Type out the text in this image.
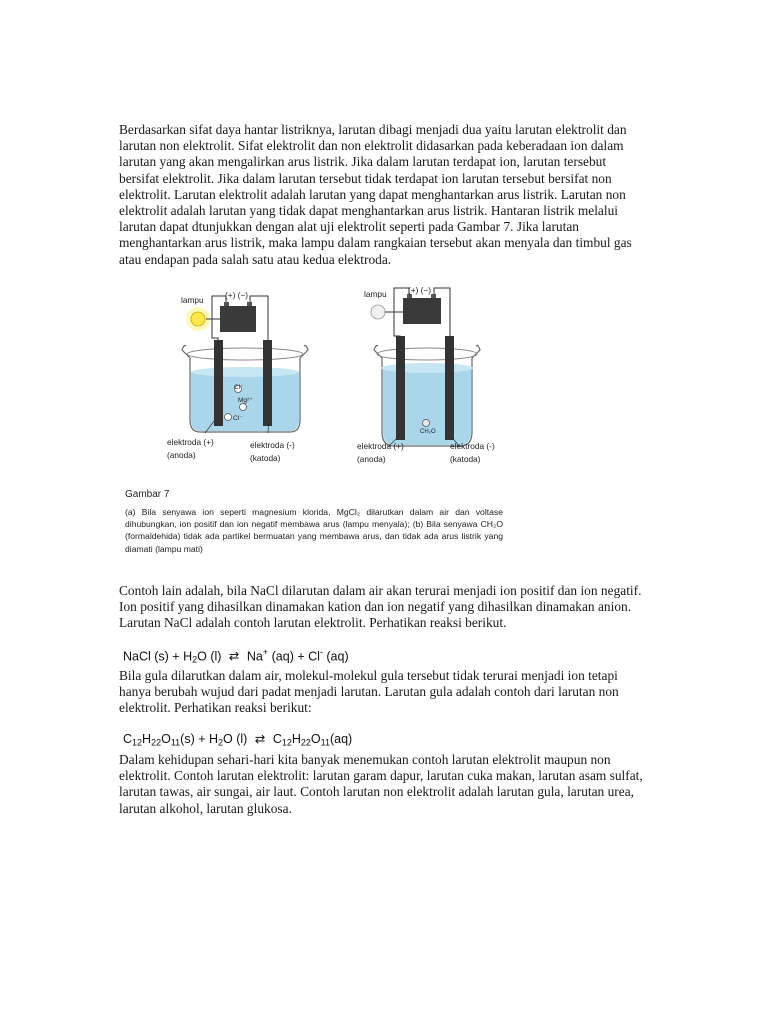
Berdasarkan sifat daya hantar listriknya, larutan dibagi menjadi dua yaitu larutan elektrolit dan larutan non elektrolit. Sifat elektrolit dan non elektrolit didasarkan pada keberadaan ion dalam larutan yang akan mengalirkan arus listrik. Jika dalam larutan terdapat ion, larutan tersebut bersifat elektrolit. Jika dalam larutan tersebut tidak terdapat ion larutan tersebut bersifat non elektrolit. Larutan elektrolit adalah larutan yang dapat menghantarkan arus listrik. Larutan non elektrolit adalah larutan yang tidak dapat menghantarkan arus listrik. Hantaran listrik melalui larutan dapat dtunjukkan dengan alat uji elektrolit seperti pada Gambar 7. Jika larutan menghantarkan arus listrik, maka lampu dalam rangkaian tersebut akan menyala dan timbul gas atau endapan pada salah satu atau kedua elektroda.

lampu	(+) (−)
Cl⁻
Mg²⁺
Cl⁻
elektroda (+)
(anoda)
elektroda (-)
(katoda)
lampu	(+) (−)
CH₂O
elektroda (+)
(anoda)
elektroda (-)
(katoda)
Gambar 7
(a) Bila senyawa ion seperti magnesium klorida, MgCl₂ dilarutkan dalam air dan voltase dihubungkan, ion positif dan ion negatif membawa arus (lampu menyala); (b) Bila senyawa CH₂O (formaldehida) tidak ada partikel bermuatan yang membawa arus, dan tidak ada arus listrik yang diamati (lampu mati)

Contoh lain adalah, bila NaCl dilarutan dalam air akan terurai menjadi ion positif dan ion negatif. Ion positif yang dihasilkan dinamakan kation dan ion negatif yang dihasilkan dinamakan anion. Larutan NaCl adalah contoh larutan elektrolit. Perhatikan reaksi berikut.

NaCl $(s) + H_2O$ (l) ⇄ Na+ (aq) + Cl- (aq)

Bila gula dilarutkan dalam air, molekul-molekul gula tersebut tidak terurai menjadi ion tetapi hanya berubah wujud dari padat menjadi larutan. Larutan gula adalah contoh dari larutan non elektrolit. Perhatikan reaksi berikut:

$C_{12}H_{22}O_{11}(s) + H_2O$ (l) ⇄ $C_{12}H_{22}O_{11}(aq)$

Dalam kehidupan sehari-hari kita banyak menemukan contoh larutan elektrolit maupun non elektrolit. Contoh larutan elektrolit: larutan garam dapur, larutan cuka makan, larutan asam sulfat, larutan tawas, air sungai, air laut. Contoh larutan non elektrolit adalah larutan gula, larutan urea, larutan alkohol, larutan glukosa.
